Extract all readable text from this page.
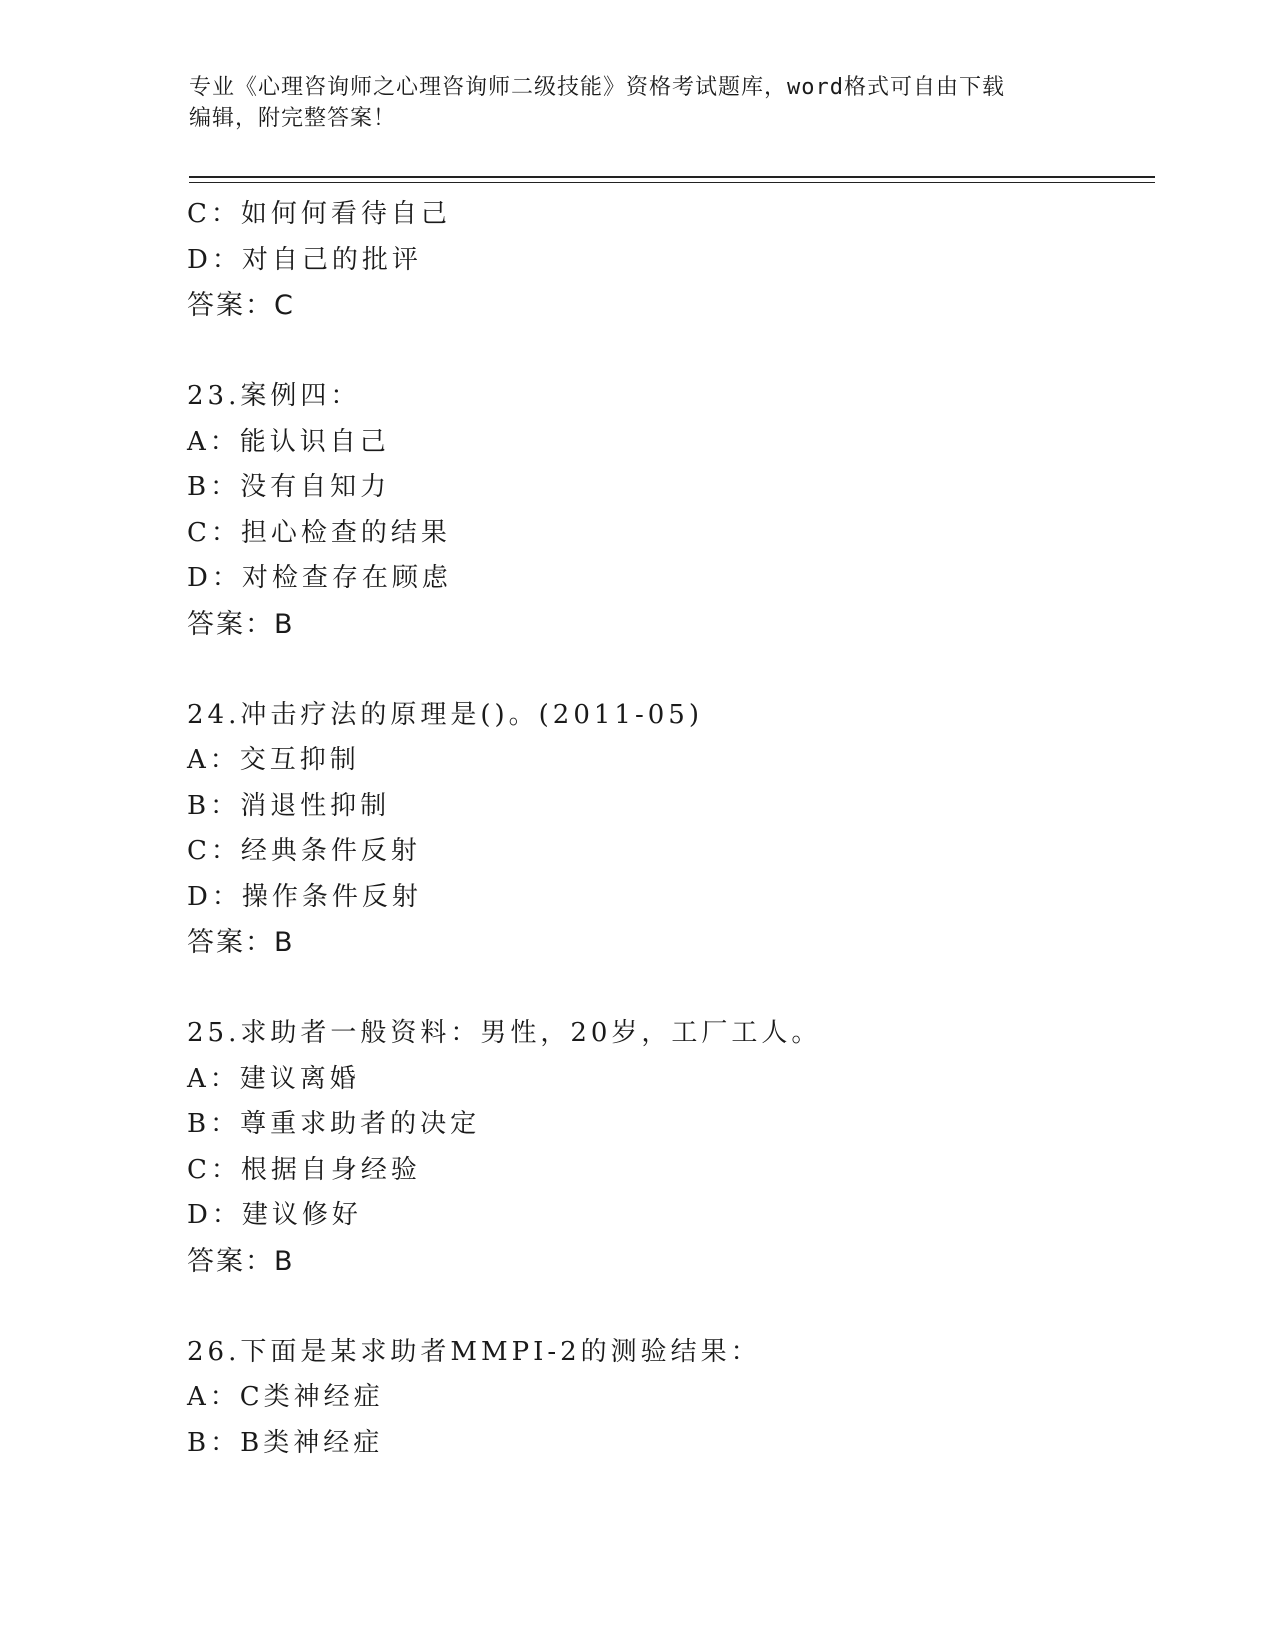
专业《心理咨询师之心理咨询师二级技能》资格考试题库，word格式可自由下载
编辑，附完整答案！
C：如何何看待自己
D：对自己的批评
答案：C
23.案例四：
A：能认识自己
B：没有自知力
C：担心检查的结果
D：对检查存在顾虑
答案：B
24.冲击疗法的原理是()。(2011-05)
A：交互抑制
B：消退性抑制
C：经典条件反射
D：操作条件反射
答案：B
25.求助者一般资料：男性，20岁，工厂工人。
A：建议离婚
B：尊重求助者的决定
C：根据自身经验
D：建议修好
答案：B
26.下面是某求助者MMPI-2的测验结果：
A：C类神经症
B：B类神经症
